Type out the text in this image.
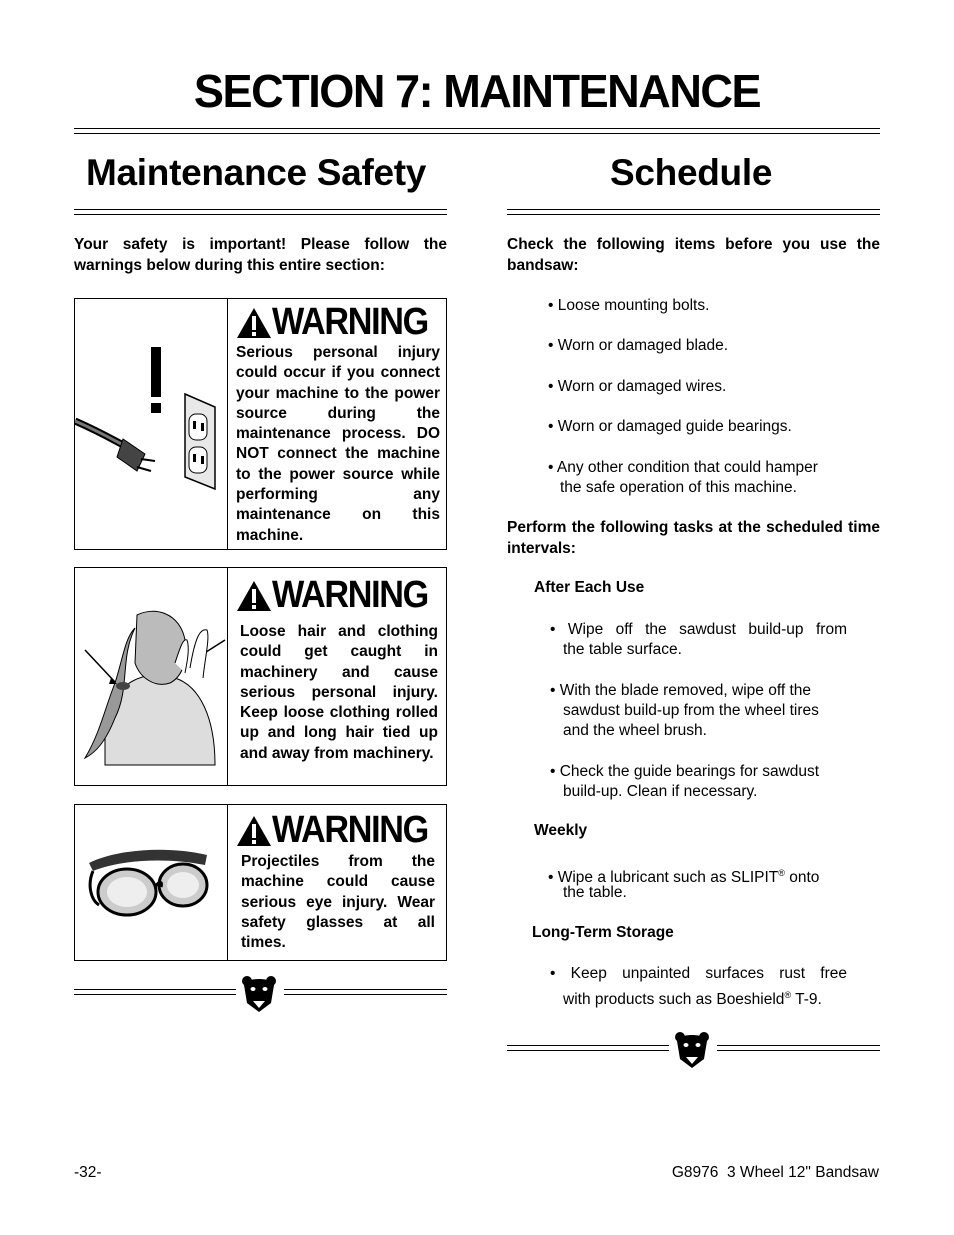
SECTION 7: MAINTENANCE
Maintenance Safety
Your safety is important! Please follow the warnings below during this entire section:
WARNING
Serious personal injury could occur if you connect your machine to the power source during the maintenance process. DO NOT connect the machine to the power source while performing any maintenance on this machine.
WARNING
Loose hair and clothing could get caught in machinery and cause serious personal injury. Keep loose clothing rolled up and long hair tied up and away from machinery.
WARNING
Projectiles from the machine could cause serious eye injury. Wear safety glasses at all times.
Schedule
Check the following items before you use the bandsaw:
• Loose mounting bolts.
• Worn or damaged blade.
• Worn or damaged wires.
• Worn or damaged guide bearings.
• Any other condition that could hamper
the safe operation of this machine.
Perform the following tasks at the scheduled time intervals:
After Each Use
• Wipe off the sawdust build-up from
the table surface.
• With the blade removed, wipe off the
sawdust build-up from the wheel tires
and the wheel brush.
• Check the guide bearings for sawdust
build-up. Clean if necessary.
Weekly
• Wipe a lubricant such as SLIPIT® onto
the table.
Long-Term Storage
• Keep unpainted surfaces rust free
with products such as Boeshield® T-9.
-32-	G8976  3 Wheel 12" Bandsaw
